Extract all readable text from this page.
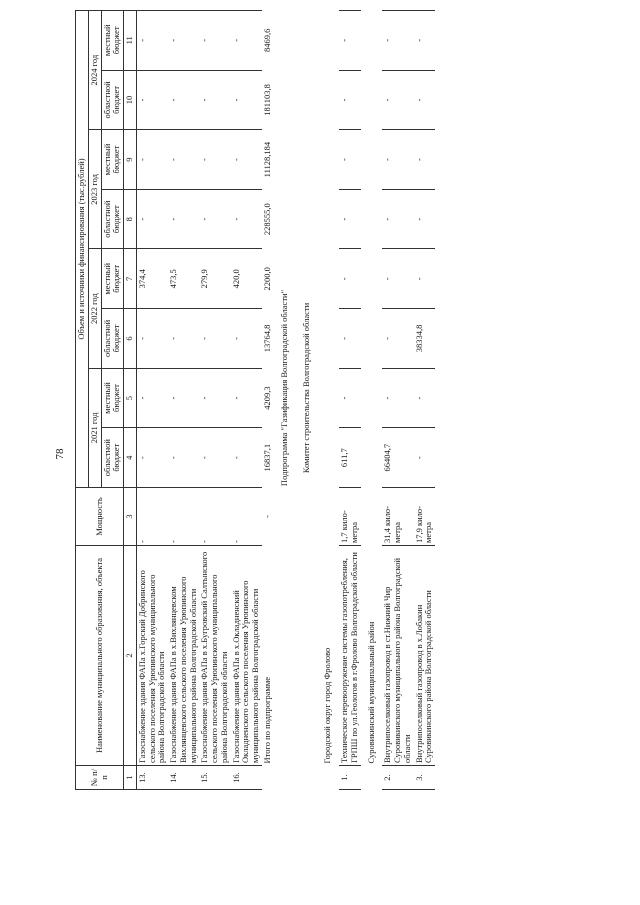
78
№ п/п	Наименование муниципального образования, объекта	Мощность	Объем и источники финансирования (тыс.рублей)							
			2021 год		2022 год		2023 год		2024 год	
			областной бюджет	местный бюджет	областной бюджет	местный бюджет	областной бюджет	местный бюджет	областной бюджет	местный бюджет
1	2	3	4	5	6	7	8	9	10	11
13.	Газоснабжение здания ФАПа х.Горский Добринского сельского поселения Урюпинского муниципального района Волгоградской области	-	-	-	-	374,4	-	-	-	-
14.	Газоснабжение здания ФАПа в х.Вихлянцевском Вихлянцевского сельского поселения Урюпинского муниципального района Волгоградской области	-	-	-	-	473,5	-	-	-	-
15.	Газоснабжение здания ФАПа в х.Бугровский Салтынского сельского поселения Урюпинского муниципального района Волгоградской области	-	-	-	-	279,9	-	-	-	-
16.	Газоснабжение здания ФАПа в х.Окладненский Окладненского сельского поселения Урюпинского муниципального района Волгоградской области	-	-	-	-	420,0	-	-	-	-
	Итого по подпрограмме	-	16837,1	4209,3	13764,8	2200,0	228555,0	11128,184	181103,8	8469,6
	Подпрограмма "Газификация Волгоградской области"									
	Комитет строительства Волгоградской области									
	Городской округ город Фролово									
1.	Техническое перевооружение системы газопотребления, ГРПШ по ул.Геологов в г.Фролово Волгоградской области	1,7 кило-метра	611,7	-	-	-	-	-	-	-
	Суровикинский муниципальный район									
2.	Внутрипоселковый газопровод в ст.Нижний Чир Суровикинского муниципального района Волгоградской области	31,4 кило-метра	66404,7	-	-	-	-	-	-	-
3.	Внутрипоселковый газопровод в х.Лобакин Суровикинского района Волгоградской области	17,9 кило-метра	-	-	38334,8	-	-	-	-	-
